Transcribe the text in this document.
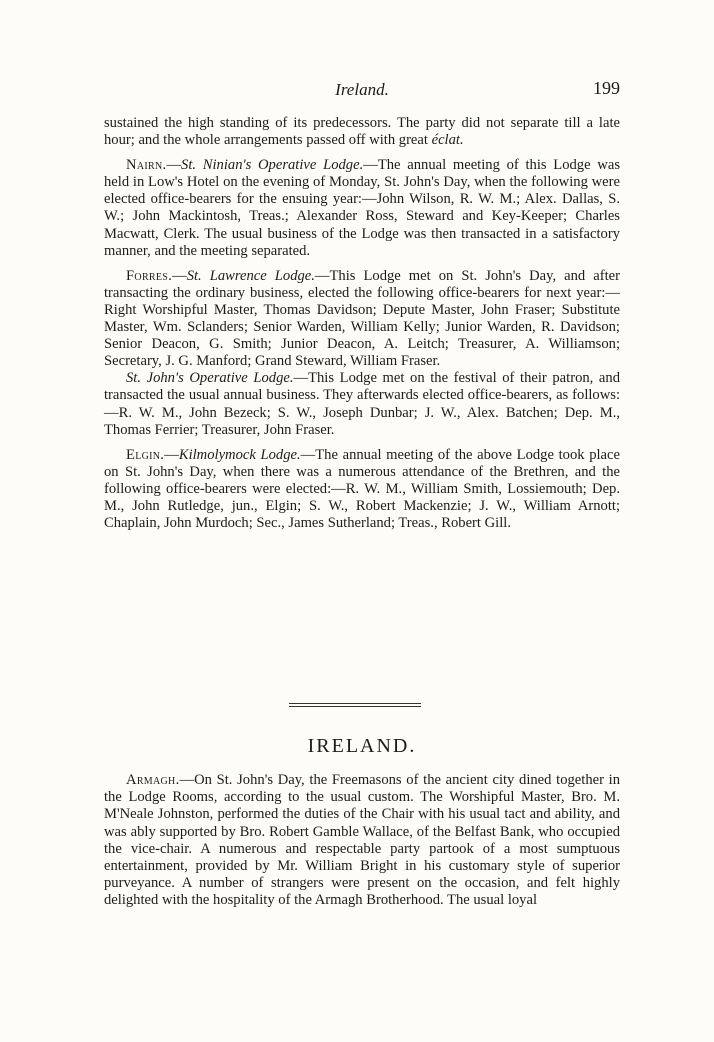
Ireland.	199

sustained the high standing of its predecessors. The party did not separate till a late hour; and the whole arrangements passed off with great éclat.

Nairn.—St. Ninian's Operative Lodge.—The annual meeting of this Lodge was held in Low's Hotel on the evening of Monday, St. John's Day, when the following were elected office-bearers for the ensuing year:—John Wilson, R. W. M.; Alex. Dallas, S. W.; John Mackintosh, Treas.; Alexander Ross, Steward and Key-Keeper; Charles Macwatt, Clerk. The usual business of the Lodge was then transacted in a satisfactory manner, and the meeting separated.

Forres.—St. Lawrence Lodge.—This Lodge met on St. John's Day, and after transacting the ordinary business, elected the following office-bearers for next year:—Right Worshipful Master, Thomas Davidson; Depute Master, John Fraser; Substitute Master, Wm. Sclanders; Senior Warden, William Kelly; Junior Warden, R. Davidson; Senior Deacon, G. Smith; Junior Deacon, A. Leitch; Treasurer, A. Williamson; Secretary, J. G. Manford; Grand Steward, William Fraser.

St. John's Operative Lodge.—This Lodge met on the festival of their patron, and transacted the usual annual business. They afterwards elected office-bearers, as follows:—R. W. M., John Bezeck; S. W., Joseph Dunbar; J. W., Alex. Batchen; Dep. M., Thomas Ferrier; Treasurer, John Fraser.

Elgin.—Kilmolymock Lodge.—The annual meeting of the above Lodge took place on St. John's Day, when there was a numerous attendance of the Brethren, and the following office-bearers were elected:—R. W. M., William Smith, Lossiemouth; Dep. M., John Rutledge, jun., Elgin; S. W., Robert Mackenzie; J. W., William Arnott; Chaplain, John Murdoch; Sec., James Sutherland; Treas., Robert Gill.

IRELAND.

Armagh.—On St. John's Day, the Freemasons of the ancient city dined together in the Lodge Rooms, according to the usual custom. The Worshipful Master, Bro. M. M'Neale Johnston, performed the duties of the Chair with his usual tact and ability, and was ably supported by Bro. Robert Gamble Wallace, of the Belfast Bank, who occupied the vice-chair. A numerous and respectable party partook of a most sumptuous entertainment, provided by Mr. William Bright in his customary style of superior purveyance. A number of strangers were present on the occasion, and felt highly delighted with the hospitality of the Armagh Brotherhood. The usual loyal
